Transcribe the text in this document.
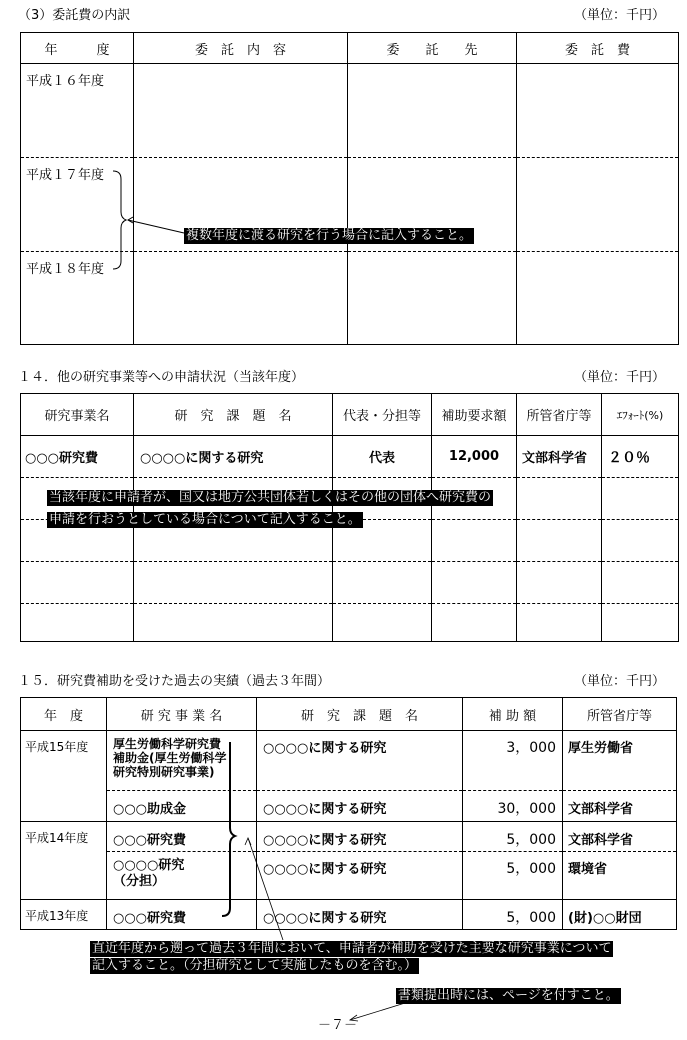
（3）委託費の内訳	（単位：千円）
年　　　度	委　託　内　容	委　　託　　先	委　託　費
平成１６年度			
平成１７年度			
平成１８年度			
複数年度に渡る研究を行う場合に記入すること。
１４．他の研究事業等への申請状況（当該年度）	（単位：千円）
研究事業名	研　究　課　題　名	代表・分担等	補助要求額	所管省庁等	ｴﾌｫｰﾄ(%)
○○○研究費	○○○○に関する研究	代表	12,000	文部科学省	２０％

当該年度に申請者が、国又は地方公共団体若しくはその他の団体へ研究費の
申請を行おうとしている場合について記入すること。
１５．研究費補助を受けた過去の実績（過去３年間）	（単位：千円）
年　度	研 究 事 業 名	研　究　課　題　名	補 助 額	所管省庁等
平成15年度	厚生労働科学研究費
補助金(厚生労働科学
研究特別研究事業)	○○○○に関する研究	3，000	厚生労働省
	○○○助成金	○○○○に関する研究	30，000	文部科学省
平成14年度	○○○研究費	○○○○に関する研究	5，000	文部科学省

	○○○○研究
（分担）	○○○○に関する研究	5，000	環境省
平成13年度	○○○研究費	○○○○に関する研究	5，000	(財)○○財団
直近年度から遡って過去３年間において、申請者が補助を受けた主要な研究事業について
記入すること。（分担研究として実施したものを含む。）
書類提出時には、ページを付すこと。
－７－
